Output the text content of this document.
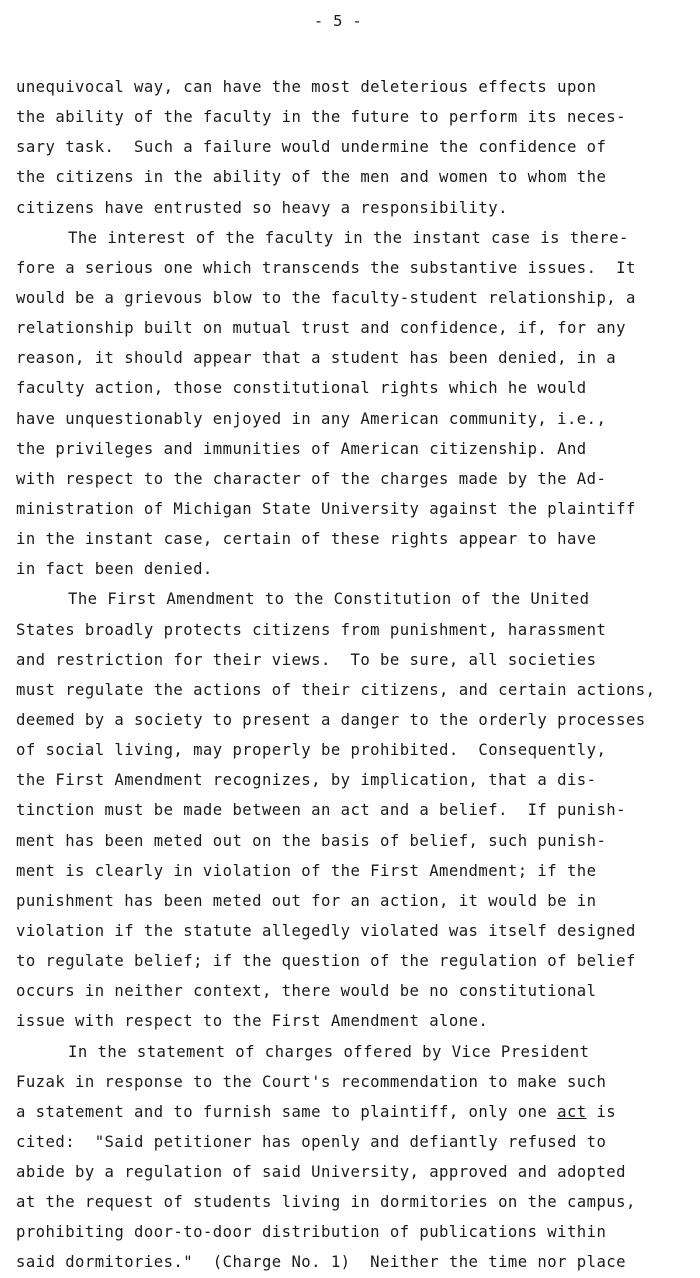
- 5 -
unequivocal way, can have the most deleterious effects upon
the ability of the faculty in the future to perform its neces-
sary task.  Such a failure would undermine the confidence of
the citizens in the ability of the men and women to whom the
citizens have entrusted so heavy a responsibility.
The interest of the faculty in the instant case is there-
fore a serious one which transcends the substantive issues.  It
would be a grievous blow to the faculty-student relationship, a
relationship built on mutual trust and confidence, if, for any
reason, it should appear that a student has been denied, in a
faculty action, those constitutional rights which he would
have unquestionably enjoyed in any American community, i.e.,
the privileges and immunities of American citizenship. And
with respect to the character of the charges made by the Ad-
ministration of Michigan State University against the plaintiff
in the instant case, certain of these rights appear to have
in fact been denied.
The First Amendment to the Constitution of the United
States broadly protects citizens from punishment, harassment
and restriction for their views.  To be sure, all societies
must regulate the actions of their citizens, and certain actions,
deemed by a society to present a danger to the orderly processes
of social living, may properly be prohibited.  Consequently,
the First Amendment recognizes, by implication, that a dis-
tinction must be made between an act and a belief.  If punish-
ment has been meted out on the basis of belief, such punish-
ment is clearly in violation of the First Amendment; if the
punishment has been meted out for an action, it would be in
violation if the statute allegedly violated was itself designed
to regulate belief; if the question of the regulation of belief
occurs in neither context, there would be no constitutional
issue with respect to the First Amendment alone.
In the statement of charges offered by Vice President
Fuzak in response to the Court's recommendation to make such
a statement and to furnish same to plaintiff, only one act is
cited:  "Said petitioner has openly and defiantly refused to
abide by a regulation of said University, approved and adopted
at the request of students living in dormitories on the campus,
prohibiting door-to-door distribution of publications within
said dormitories."  (Charge No. 1)  Neither the time nor place
